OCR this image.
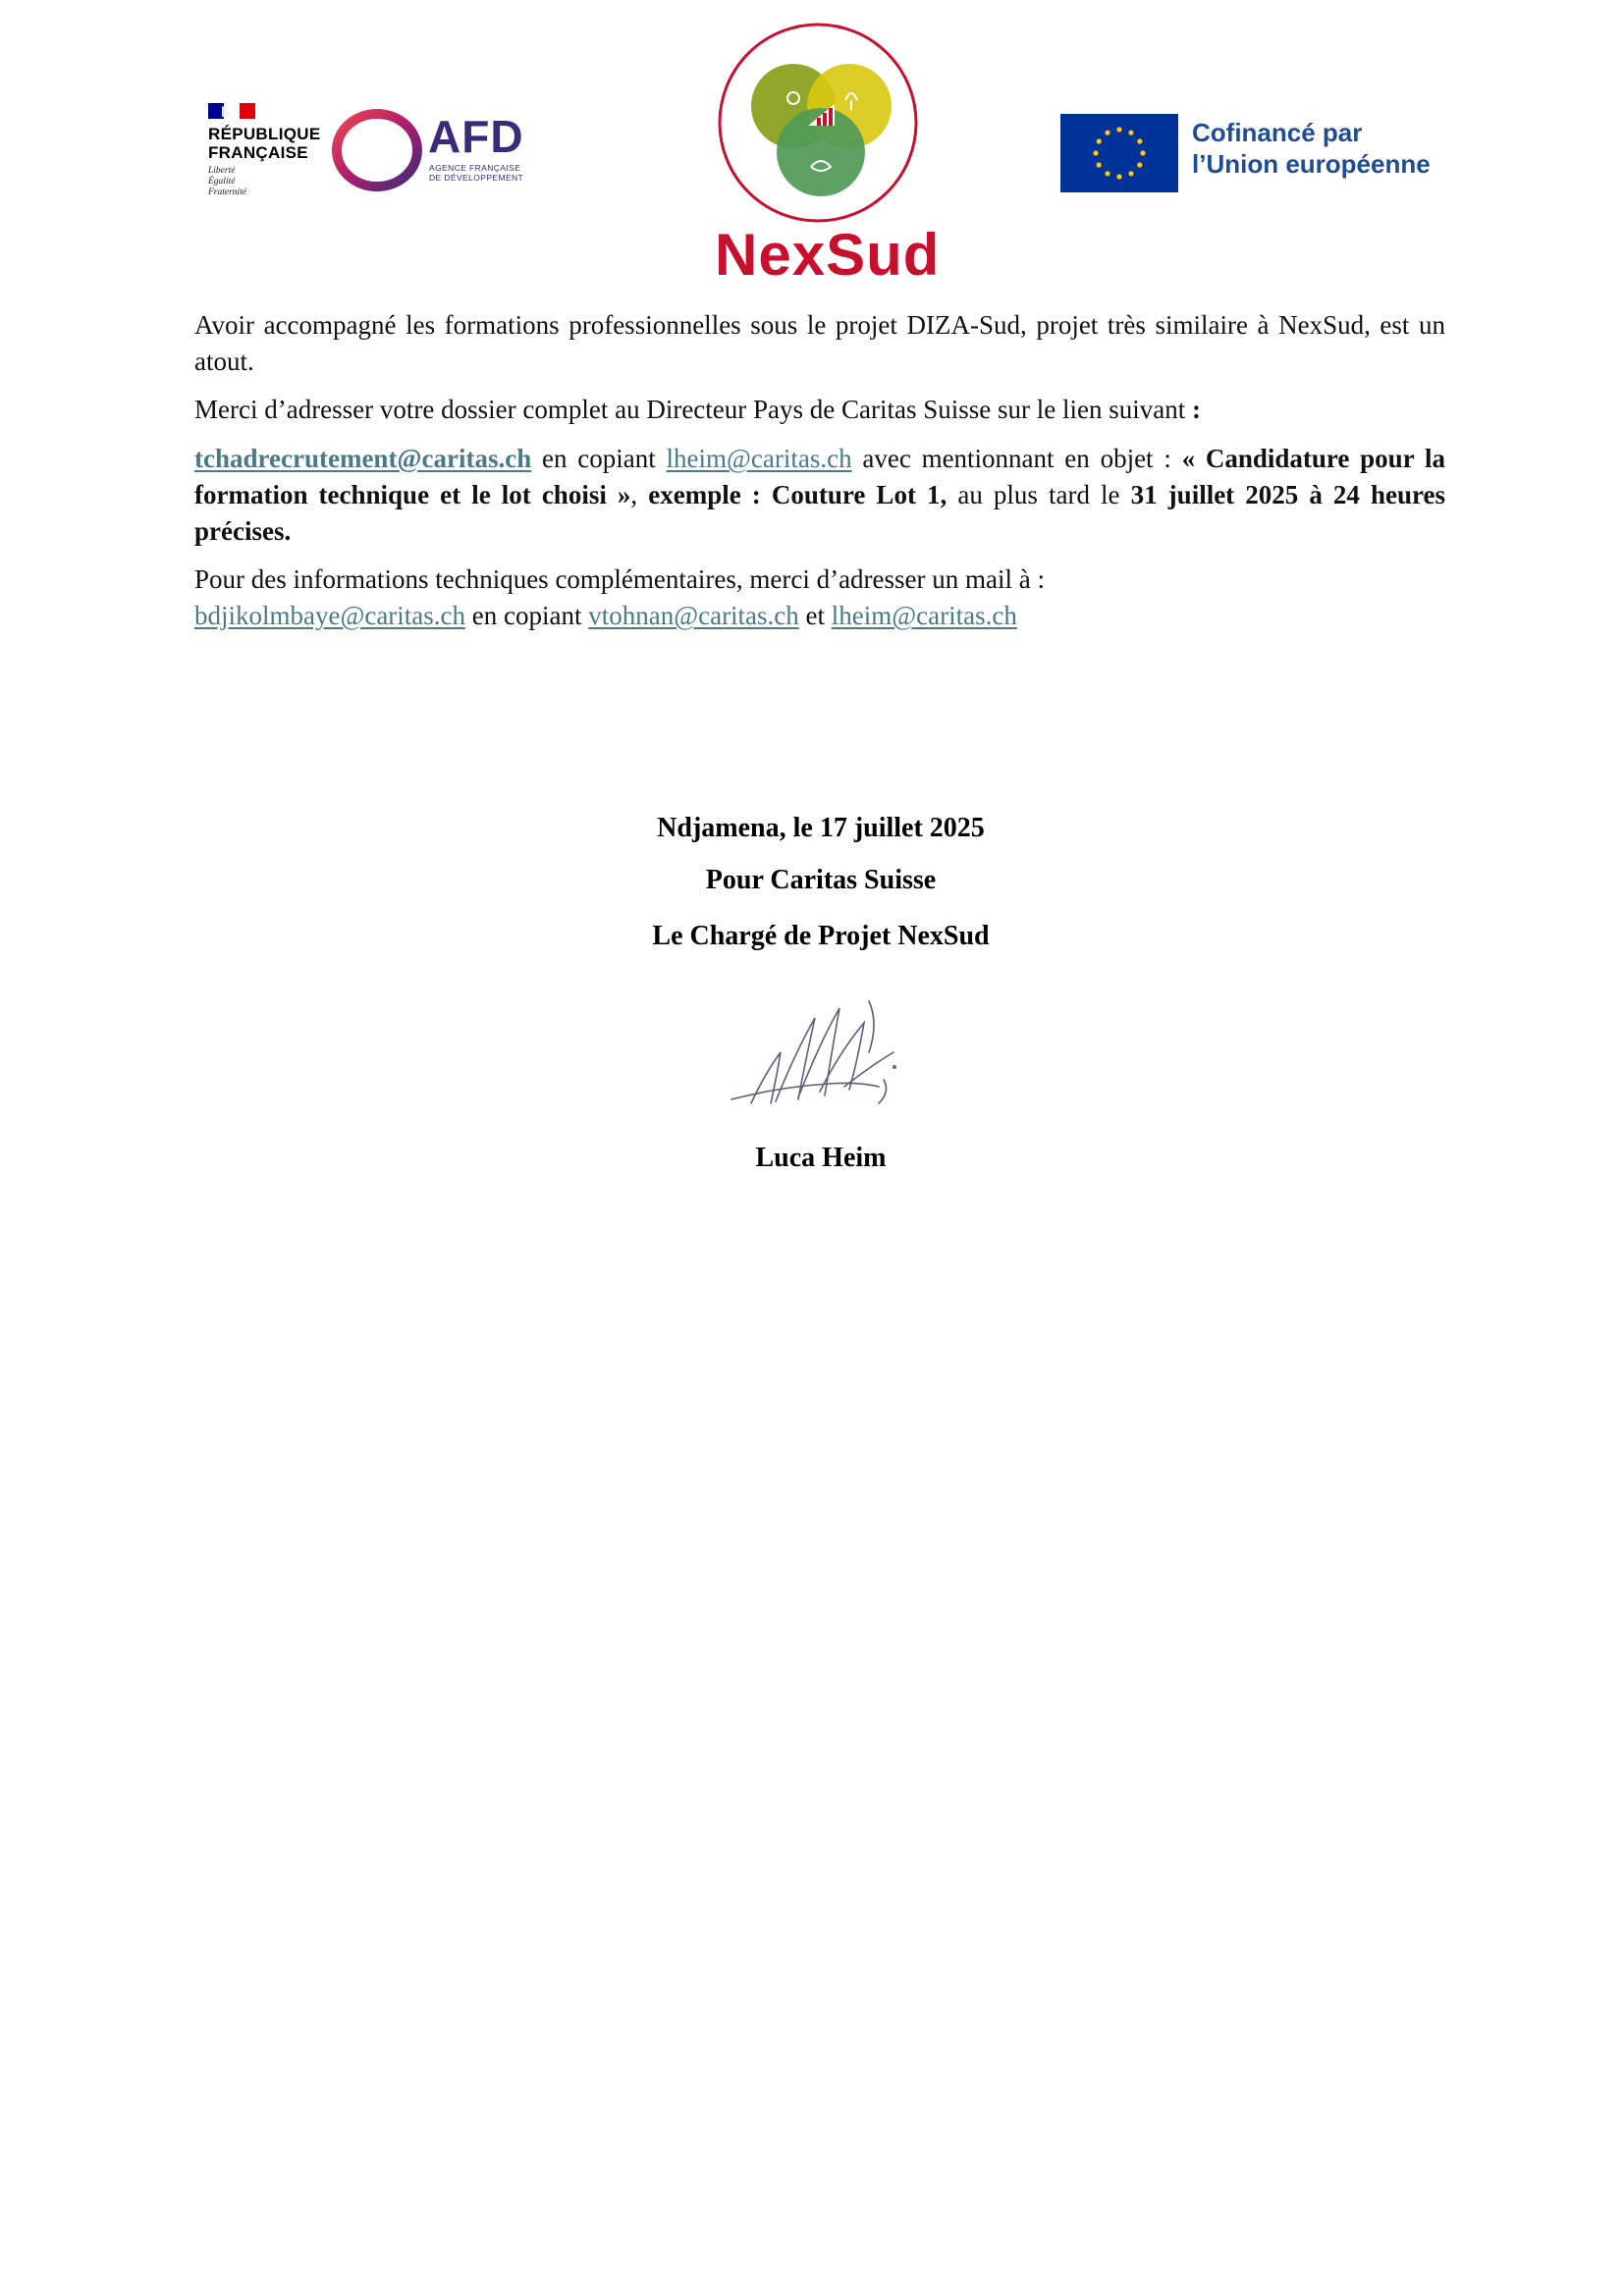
RÉPUBLIQUE
FRANÇAISE
Liberté
Égalité
Fraternité
AFD
AGENCE FRANÇAISE
DE DÉVELOPPEMENT
NexSud
Cofinancé par
l’Union européenne

Avoir accompagné les formations professionnelles sous le projet DIZA-Sud, projet très similaire à NexSud, est un atout.

Merci d’adresser votre dossier complet au Directeur Pays de Caritas Suisse sur le lien suivant :

tchadrecrutement@caritas.ch en copiant lheim@caritas.ch avec mentionnant en objet : « Candidature pour la formation technique et le lot choisi », exemple : Couture Lot 1, au plus tard le 31 juillet 2025 à 24 heures précises.

Pour des informations techniques complémentaires, merci d’adresser un mail à :
bdjikolmbaye@caritas.ch en copiant vtohnan@caritas.ch et lheim@caritas.ch

Ndjamena, le 17 juillet 2025
Pour Caritas Suisse
Le Chargé de Projet NexSud
Luca Heim
